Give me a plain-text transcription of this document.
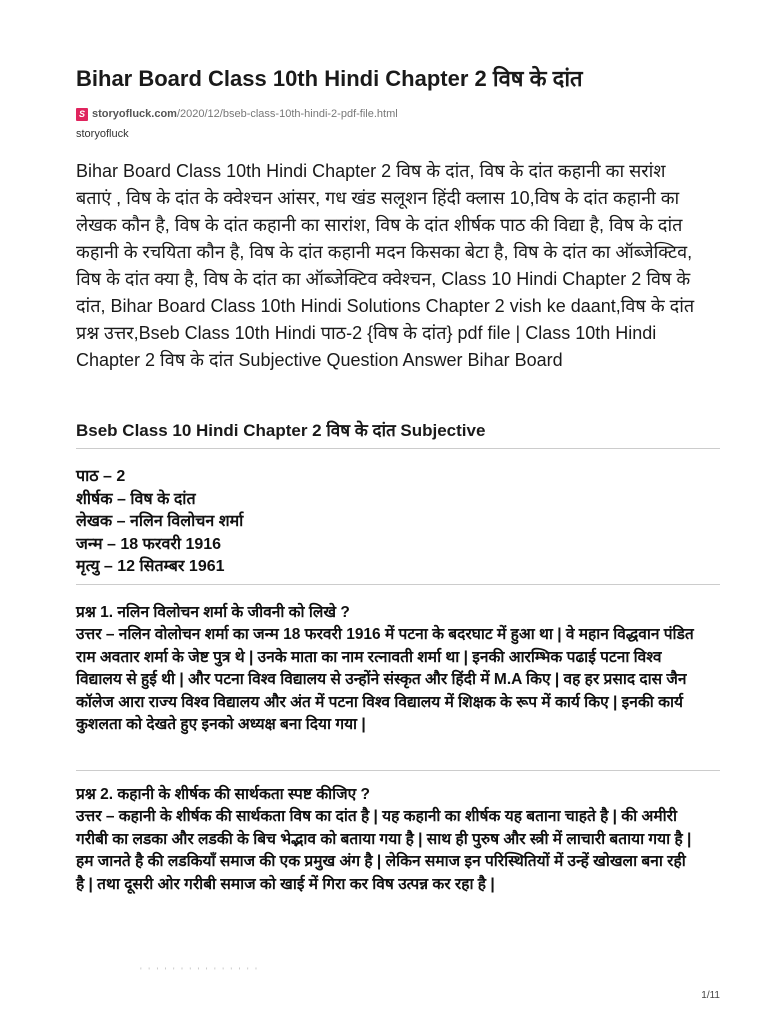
Bihar Board Class 10th Hindi Chapter 2 विष के दांत
S storyofluck.com /2020/12/bseb-class-10th-hindi-2-pdf-file.html
storyofluck
Bihar Board Class 10th Hindi Chapter 2 विष के दांत, विष के दांत कहानी का सरांश बताएं , विष के दांत के क्वेश्चन आंसर, गध खंड सलूशन हिंदी क्लास 10,विष के दांत कहानी का लेखक कौन है, विष के दांत कहानी का सारांश, विष के दांत शीर्षक पाठ की विद्या है, विष के दांत कहानी के रचयिता कौन है, विष के दांत कहानी मदन किसका बेटा है, विष के दांत का ऑब्जेक्टिव, विष के दांत क्या है, विष के दांत का ऑब्जेक्टिव क्वेश्चन, Class 10 Hindi Chapter 2 विष के दांत, Bihar Board Class 10th Hindi Solutions Chapter 2 vish ke daant,विष के दांत प्रश्न उत्तर,Bseb Class 10th Hindi पाठ-2 {विष के दांत} pdf file | Class 10th Hindi Chapter 2 विष के दांत Subjective Question Answer Bihar Board
Bseb Class 10 Hindi Chapter 2 विष के दांत Subjective
पाठ – 2
शीर्षक – विष के दांत
लेखक – नलिन विलोचन शर्मा
जन्म – 18 फरवरी 1916
मृत्यु – 12 सितम्बर 1961
प्रश्न 1. नलिन विलोचन शर्मा के जीवनी को लिखे ?
उत्तर – नलिन वोलोचन शर्मा का जन्म 18 फरवरी 1916 में पटना के बदरघाट में हुआ था | वे महान विद्धवान पंडित राम अवतार शर्मा के जेष्ट पुत्र थे | उनके माता का नाम रत्नावती शर्मा था | इनकी आरम्भिक पढाई पटना विश्व विद्यालय से हुई थी | और पटना विश्व विद्यालय से उन्होंने संस्कृत और हिंदी में M.A किए | वह हर प्रसाद दास जैन कॉलेज आरा राज्य विश्व विद्यालय और अंत में पटना विश्व विद्यालय में शिक्षक के रूप में कार्य किए | इनकी कार्य कुशलता को देखते हुए इनको अध्यक्ष बना दिया गया |
प्रश्न 2. कहानी के शीर्षक की सार्थकता स्पष्ट कीजिए ?
उत्तर – कहानी के शीर्षक की सार्थकता विष का दांत है | यह कहानी का शीर्षक यह बताना चाहते है | की अमीरी गरीबी का लडका और लडकी के बिच भेद्भाव को बताया गया है | साथ ही पुरुष और स्त्री में लाचारी बताया गया है | हम जानते है की लडकियाँ समाज की एक प्रमुख अंग है | लेकिन समाज इन परिस्थितियों में उन्हें खोखला बना रही है | तथा दूसरी ओर गरीबी समाज को खाई में गिरा कर विष उत्पन्न कर रहा है |
' ' ' ' ' ' ' ' ' ' ' ' ' ' '
1/11
